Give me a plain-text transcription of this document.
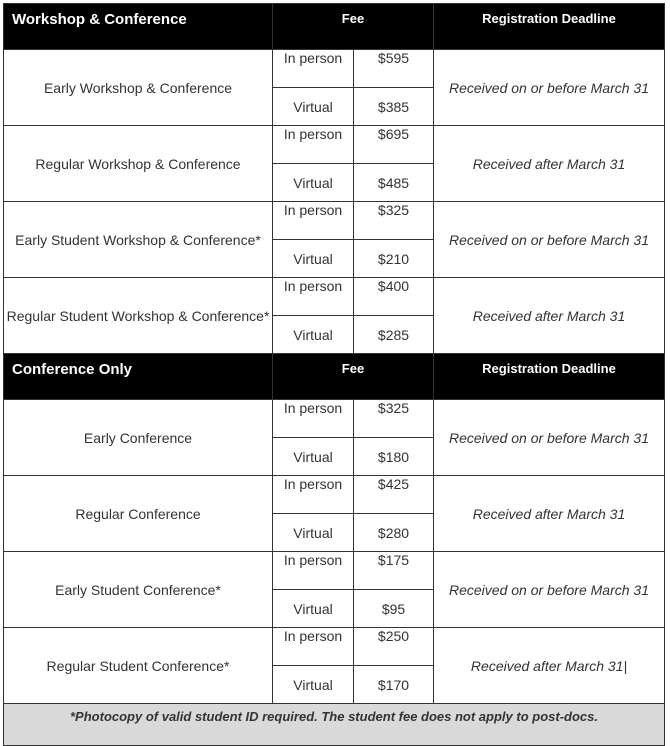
Workshop & Conference	Fee		Registration Deadline
Early Workshop & Conference	In person	$595	Received on or before March 31
	Virtual	$385	
Regular Workshop & Conference	In person	$695	Received after March 31
	Virtual	$485	
Early Student Workshop & Conference*	In person	$325	Received on or before March 31
	Virtual	$210	
Regular Student Workshop & Conference*	In person	$400	Received after March 31
	Virtual	$285	
Conference Only	Fee		Registration Deadline
Early Conference	In person	$325	Received on or before March 31
	Virtual	$180	
Regular Conference	In person	$425	Received after March 31
	Virtual	$280	
Early Student Conference*	In person	$175	Received on or before March 31
	Virtual	$95	
Regular Student Conference*	In person	$250	Received after March 31|
	Virtual	$170	
*Photocopy of valid student ID required. The student fee does not apply to post-docs.			
